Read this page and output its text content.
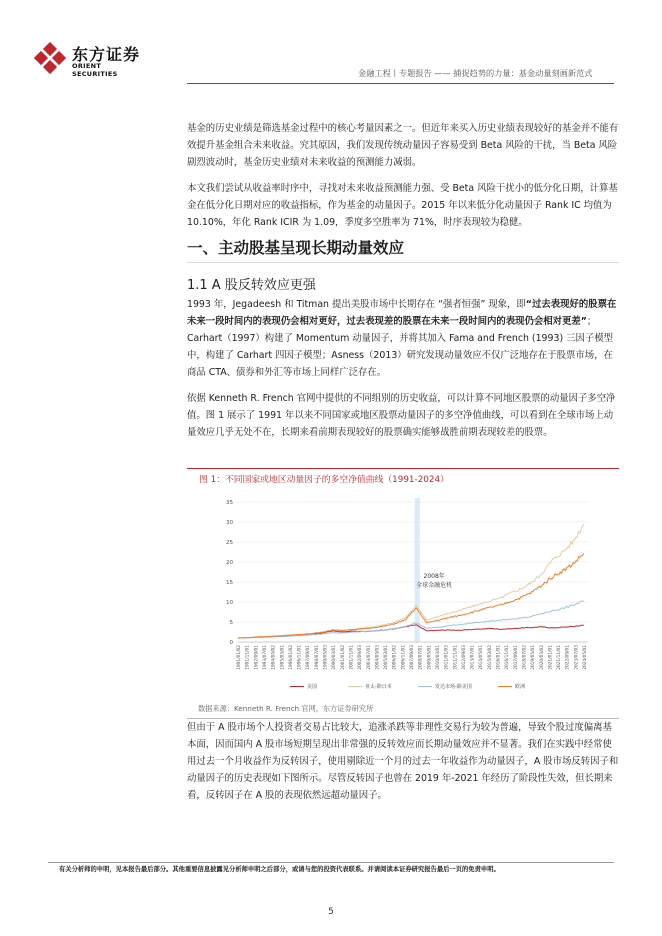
东方证券
ORIENT SECURITIES	金融工程丨专题报告 —— 捕捉趋势的力量：基金动量刻画新范式
基金的历史业绩是筛选基金过程中的核心考量因素之一。但近年来买入历史业绩表现较好的基金并不能有效提升基金组合未来收益。究其原因，我们发现传统动量因子容易受到 Beta 风险的干扰，当 Beta 风险剧烈波动时，基金历史业绩对未来收益的预测能力减弱。
本文我们尝试从收益率时序中，寻找对未来收益预测能力强、受 Beta 风险干扰小的低分化日期，计算基金在低分化日期对应的收益指标，作为基金的动量因子。2015 年以来低分化动量因子 Rank IC 均值为 10.10%，年化 Rank ICIR 为 1.09，季度多空胜率为 71%，时序表现较为稳健。
一、主动股基呈现长期动量效应
1.1 A 股反转效应更强
1993 年，Jegadeesh 和 Titman 提出美股市场中长期存在 “强者恒强” 现象，即“过去表现好的股票在未来一段时间内的表现仍会相对更好，过去表现差的股票在未来一段时间内的表现仍会相对更差”；Carhart（1997）构建了 Momentum 动量因子，并将其加入 Fama and French (1993) 三因子模型中，构建了 Carhart 四因子模型；Asness（2013）研究发现动量效应不仅广泛地存在于股票市场，在商品 CTA、债券和外汇等市场上同样广泛存在。
依据 Kenneth R. French 官网中提供的不同组别的历史收益，可以计算不同地区股票的动量因子多空净值。图 1 展示了 1991 年以来不同国家或地区股票动量因子的多空净值曲线，可以看到在全球市场上动量效应几乎无处不在，长期来看前期表现较好的股票确实能够战胜前期表现较差的股票。
图 1：不同国家或地区动量因子的多空净值曲线（1991-2024）
0
5
10
15
20
25
30
35
1991/01/02 1991/11/01 1992/09/01 1993/07/01 1994/05/02 1995/03/01 1996/01/02 1996/11/01 1997/09/01 1998/07/01 1999/05/03 2000/03/01 2001/01/02 2001/11/01 2002/09/03 2003/07/01 2004/05/03 2005/03/01 2006/01/02 2006/11/01 2007/09/03 2008/07/01 2009/05/01 2010/03/01 2011/01/03 2011/11/01 2012/09/03 2013/07/01 2014/05/01 2015/03/02 2016/01/01 2016/11/01 2017/09/01 2018/07/02 2019/05/01 2020/03/02 2021/01/01 2021/11/01 2022/09/01 2023/07/03 2024/05/01
2008年
全球金融危机
美国	亚太-除日本	发达市场-除美国	欧洲
数据来源：Kenneth R. French 官网，东方证券研究所
但由于 A 股市场个人投资者交易占比较大，追涨杀跌等非理性交易行为较为普遍，导致个股过度偏离基本面，因而国内 A 股市场短期呈现出非常强的反转效应而长期动量效应并不显著。我们在实践中经常使用过去一个月收益作为反转因子，使用剔除近一个月的过去一年收益作为动量因子，A 股市场反转因子和动量因子的历史表现如下图所示。尽管反转因子也曾在 2019 年-2021 年经历了阶段性失效，但长期来看，反转因子在 A 股的表现依然远超动量因子。
有关分析师的申明，见本报告最后部分。其他重要信息披露见分析师申明之后部分，或请与您的投资代表联系。并请阅读本证券研究报告最后一页的免责申明。
5
